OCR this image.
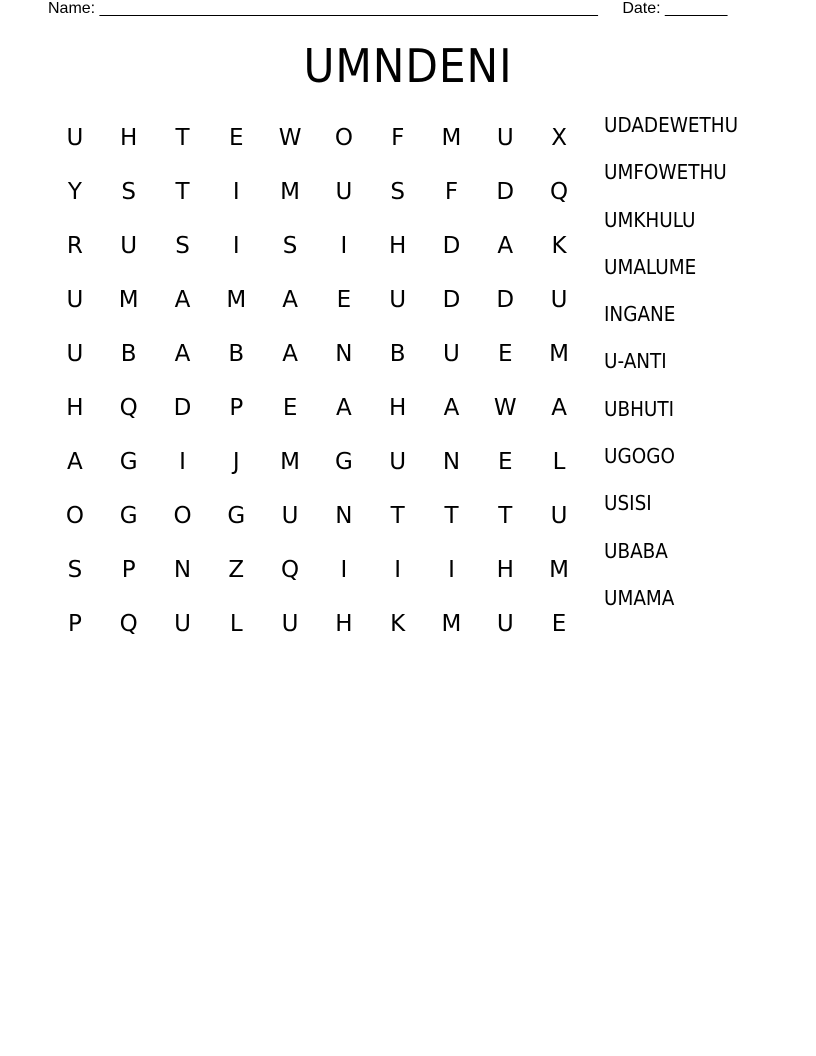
Name: ________________________________________________________ Date: _______
UMNDENI
U	H	T	E	W	O	F	M	U	X
Y	S	T	I	M	U	S	F	D	Q
R	U	S	I	S	I	H	D	A	K
U	M	A	M	A	E	U	D	D	U
U	B	A	B	A	N	B	U	E	M
H	Q	D	P	E	A	H	A	W	A
A	G	I	J	M	G	U	N	E	L
O	G	O	G	U	N	T	T	T	U
S	P	N	Z	Q	I	I	I	H	M
P	Q	U	L	U	H	K	M	U	E
UDADEWETHU
UMFOWETHU
UMKHULU
UMALUME
INGANE
U-ANTI
UBHUTI
UGOGO
USISI
UBABA
UMAMA
